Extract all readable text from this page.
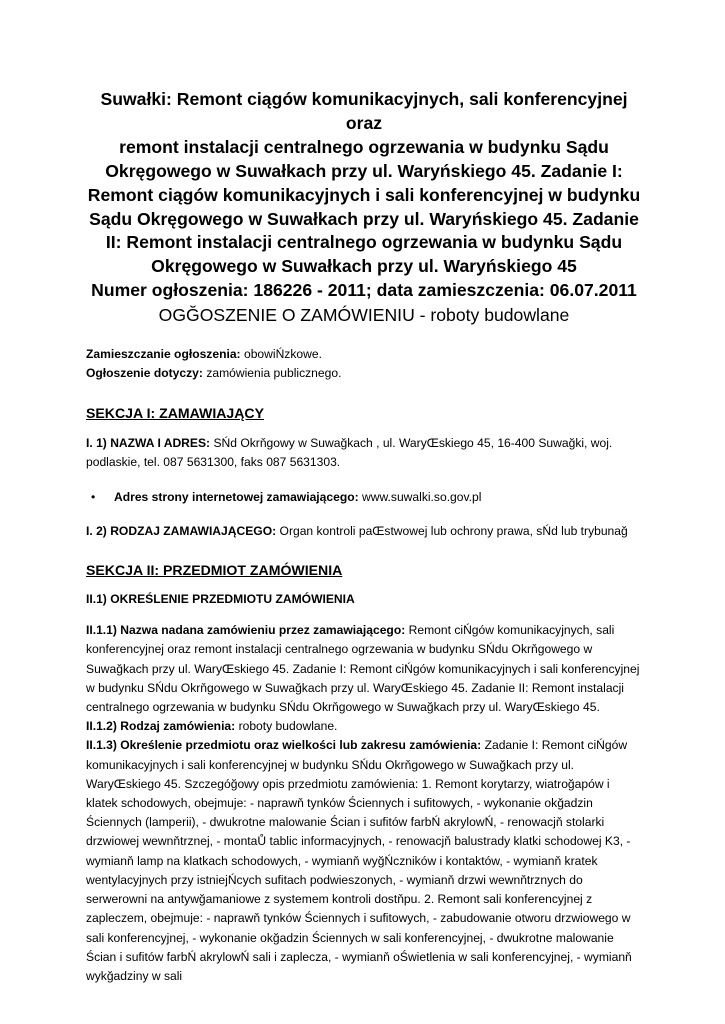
Suwałki: Remont ciągów komunikacyjnych, sali konferencyjnej oraz

remont instalacji centralnego ogrzewania w budynku Sądu

Okręgowego w Suwałkach przy ul. Waryńskiego 45. Zadanie I:

Remont ciągów komunikacyjnych i sali konferencyjnej w budynku

Sądu Okręgowego w Suwałkach przy ul. Waryńskiego 45. Zadanie

II: Remont instalacji centralnego ogrzewania w budynku Sądu

Okręgowego w Suwałkach przy ul. Waryńskiego 45

Numer ogłoszenia: 186226 - 2011; data zamieszczenia: 06.07.2011

OGĞOSZENIE O ZAMÓWIENIU - roboty budowlane

Zamieszczanie ogłoszenia: obowiŃzkowe.

Ogłoszenie dotyczy: zamówienia publicznego.

SEKCJA I: ZAMAWIAJĄCY

I. 1) NAZWA I ADRES: SŃd Okrňgowy w Suwağkach , ul. WaryŒskiego 45, 16-400 Suwağki, woj.
podlaskie, tel. 087 5631300, faks 087 5631303.

• Adres strony internetowej zamawiającego: www.suwalki.so.gov.pl

I. 2) RODZAJ ZAMAWIAJĄCEGO: Organ kontroli paŒstwowej lub ochrony prawa, sŃd lub trybunağ

SEKCJA II: PRZEDMIOT ZAMÓWIENIA

II.1) OKREŚLENIE PRZEDMIOTU ZAMÓWIENIA

II.1.1) Nazwa nadana zamówieniu przez zamawiającego: Remont ciŃgów komunikacyjnych, sali konferencyjnej oraz remont instalacji centralnego ogrzewania w budynku SŃdu Okrňgowego w Suwağkach przy ul. WaryŒskiego 45. Zadanie I: Remont ciŃgów komunikacyjnych i sali konferencyjnej w budynku SŃdu Okrňgowego w Suwağkach przy ul. WaryŒskiego 45. Zadanie II: Remont instalacji centralnego ogrzewania w budynku SŃdu Okrňgowego w Suwağkach przy ul. WaryŒskiego 45.

II.1.2) Rodzaj zamówienia: roboty budowlane.

II.1.3) Określenie przedmiotu oraz wielkości lub zakresu zamówienia: Zadanie I: Remont ciŃgów komunikacyjnych i sali konferencyjnej w budynku SŃdu Okrňgowego w Suwağkach przy ul. WaryŒskiego 45. Szczegóğowy opis przedmiotu zamówienia: 1. Remont korytarzy, wiatroğapów i klatek schodowych, obejmuje: - naprawň tynków Ściennych i sufitowych, - wykonanie okğadzin Ściennych (lamperii), - dwukrotne malowanie Ścian i sufitów farbŃ akrylowŃ, - renowacjň stolarki drzwiowej wewnňtrznej, - montaŮ tablic informacyjnych, - renowacjň balustrady klatki schodowej K3, - wymianň lamp na klatkach schodowych, - wymianň wyğŃczników i kontaktów, - wymianň kratek wentylacyjnych przy istniejŃcych sufitach podwieszonych, - wymianň drzwi wewnňtrznych do serwerowni na antywğamaniowe z systemem kontroli dostňpu. 2. Remont sali konferencyjnej z zapleczem, obejmuje: - naprawň tynków Ściennych i sufitowych, - zabudowanie otworu drzwiowego w sali konferencyjnej, - wykonanie okğadzin Ściennych w sali konferencyjnej, - dwukrotne malowanie Ścian i sufitów farbŃ akrylowŃ sali i zaplecza, - wymianň oŚwietlenia w sali konferencyjnej, - wymianň wykğadziny w sali
